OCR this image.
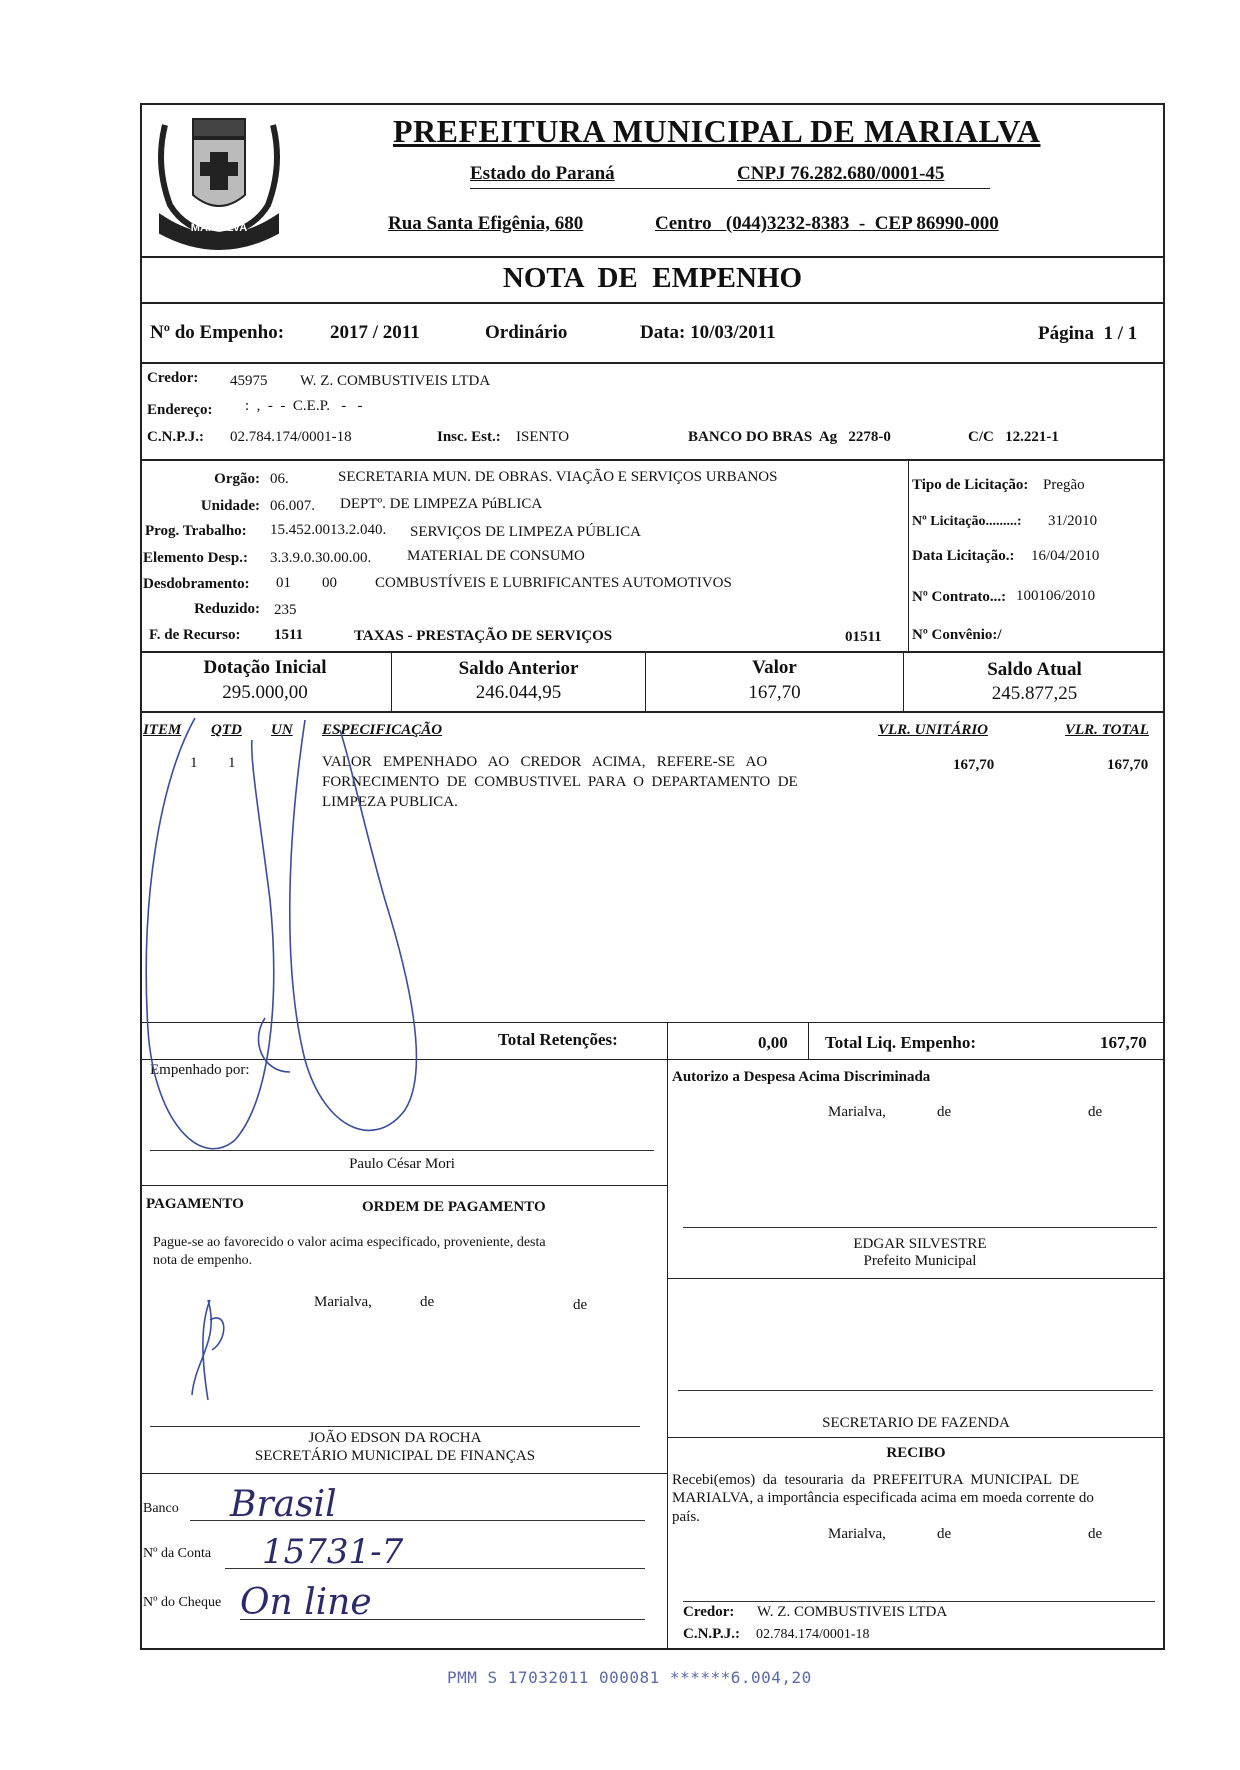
MARIALVA
PREFEITURA MUNICIPAL DE MARIALVA
Estado do Paraná	CNPJ 76.282.680/0001-45
Rua Santa Efigênia, 680	Centro   (044)3232-8383  -  CEP 86990-000
NOTA  DE  EMPENHO
Nº do Empenho: 2017 / 2011	Ordinário	Data: 10/03/2011	Página  1 / 1
Credor: 45975 W. Z. COMBUSTIVEIS LTDA
Endereço: :  ,  -  -  C.E.P.   -   -
C.N.P.J.: 02.784.174/0001-18	Insc. Est.: ISENTO	BANCO DO BRAS  Ag   2278-0	C/C   12.221-1
Orgão: 06.	SECRETARIA MUN. DE OBRAS. VIAÇÃO E SERVIÇOS URBANOS
Unidade: 06.007. DEPTº. DE LIMPEZA PúBLICA
Prog. Trabalho: 15.452.0013.2.040. SERVIÇOS DE LIMPEZA PÚBLICA
Elemento Desp.: 3.3.9.0.30.00.00. MATERIAL DE CONSUMO
Desdobramento: 01 00	COMBUSTÍVEIS E LUBRIFICANTES AUTOMOTIVOS
Reduzido: 235
F. de Recurso: 1511	TAXAS - PRESTAÇÃO DE SERVIÇOS	01511
Tipo de Licitação: Pregão
Nº Licitação.........: 31/2010
Data Licitação.: 16/04/2010
Nº Contrato...: 100106/2010
Nº Convênio:/
Dotação Inicial
295.000,00
Saldo Anterior
246.044,95
Valor
167,70
Saldo Atual
245.877,25
ITEM QTD UN ESPECIFICAÇÃO	VLR. UNITÁRIO	VLR. TOTAL
1 1	VALOR   EMPENHADO   AO   CREDOR   ACIMA,   REFERE-SE   AO
FORNECIMENTO  DE  COMBUSTIVEL  PARA  O  DEPARTAMENTO  DE
LIMPEZA PUBLICA.
167,70	167,70
Total Retenções:	0,00 Total Liq. Empenho:	167,70
Empenhado por:
Paulo César Mori
Autorizo a Despesa Acima Discriminada
Marialva,	de	de
EDGAR SILVESTRE
Prefeito Municipal
PAGAMENTO	ORDEM DE PAGAMENTO
Pague-se ao favorecido o valor acima especificado, proveniente, desta
nota de empenho.
Marialva,	de	de
JOÃO EDSON DA ROCHA
SECRETÁRIO MUNICIPAL DE FINANÇAS
SECRETARIO DE FAZENDA
RECIBO
Recebi(emos)  da  tesouraria  da  PREFEITURA  MUNICIPAL  DE
MARIALVA, a importância especificada acima em moeda corrente do
país.
Marialva,	de	de
Credor: W. Z. COMBUSTIVEIS LTDA
C.N.P.J.: 02.784.174/0001-18
Banco Brasil
Nº da Conta 15731-7
Nº do Cheque On line
PMM S 17032011 000081 ******6.004,20
